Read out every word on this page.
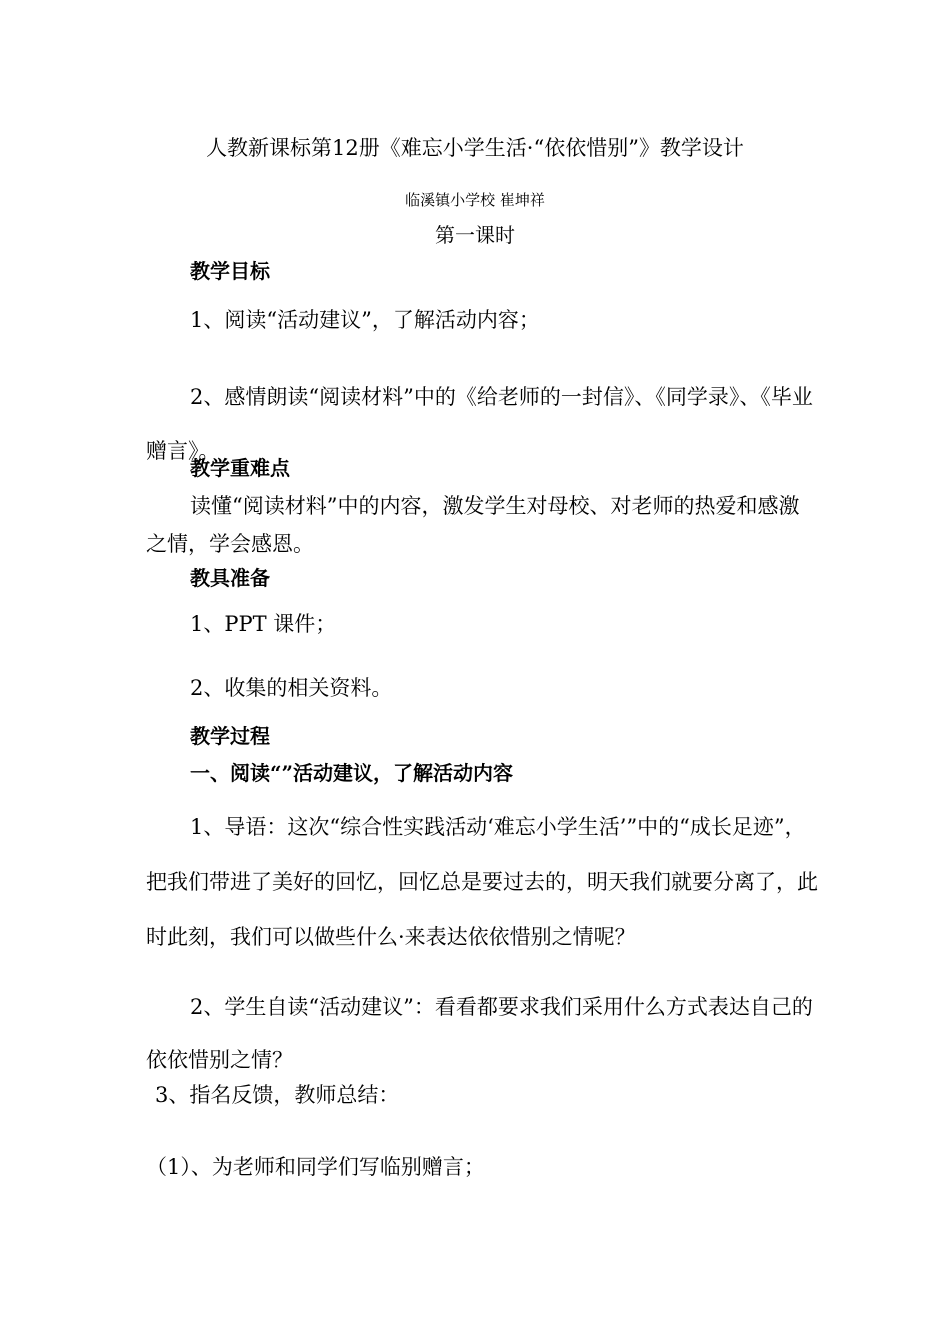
人教新课标第12册《难忘小学生活·“依依惜别”》教学设计
临溪镇小学校 崔坤祥
第一课时
教学目标
1、阅读“活动建议”，了解活动内容；
2、感情朗读“阅读材料”中的《给老师的一封信》、《同学录》、《毕业赠言》。
教学重难点
读懂“阅读材料”中的内容，激发学生对母校、对老师的热爱和感激之情，学会感恩。
教具准备
1、PPT 课件；
2、收集的相关资料。
教学过程
一、阅读“”活动建议，了解活动内容
1、导语：这次“综合性实践活动‘难忘小学生活’”中的“成长足迹”，把我们带进了美好的回忆，回忆总是要过去的，明天我们就要分离了，此时此刻，我们可以做些什么·来表达依依惜别之情呢？
2、学生自读“活动建议”：看看都要求我们采用什么方式表达自己的依依惜别之情？
3、指名反馈，教师总结：
（1）、为老师和同学们写临别赠言；
